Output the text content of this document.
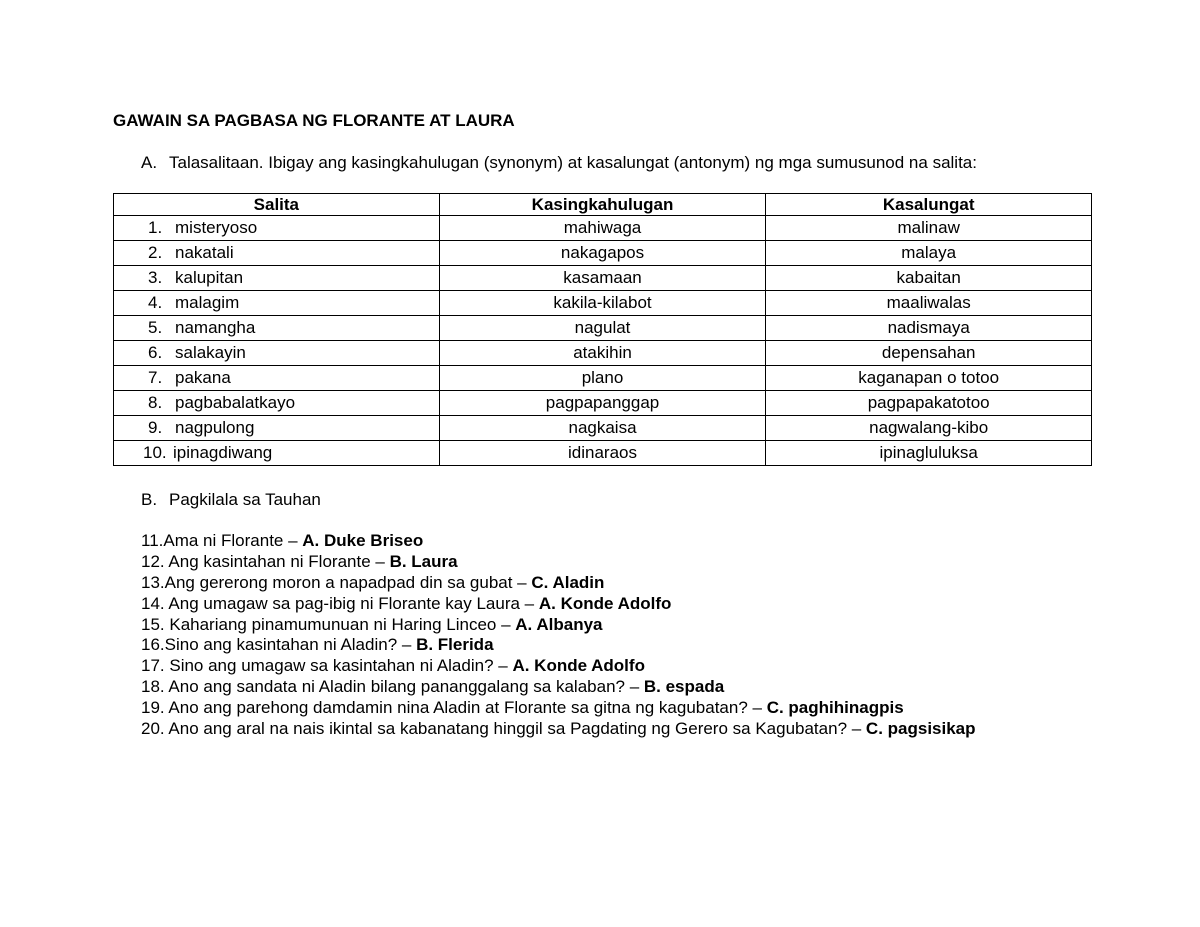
GAWAIN SA PAGBASA NG FLORANTE AT LAURA

A. Talasalitaan. Ibigay ang kasingkahulugan (synonym) at kasalungat (antonym) ng mga sumusunod na salita:

Salita	Kasingkahulugan	Kasalungat
1. misteryoso	mahiwaga	malinaw
2. nakatali	nakagapos	malaya
3. kalupitan	kasamaan	kabaitan
4. malagim	kakila-kilabot	maaliwalas
5. namangha	nagulat	nadismaya
6. salakayin	atakihin	depensahan
7. pakana	plano	kaganapan o totoo
8. pagbabalatkayo	pagpapanggap	pagpapakatotoo
9. nagpulong	nagkaisa	nagwalang-kibo
10. ipinagdiwang	idinaraos	ipinagluluksa

B. Pagkilala sa Tauhan

11.Ama ni Florante – A. Duke Briseo
12. Ang kasintahan ni Florante – B. Laura
13.Ang gererong moron a napadpad din sa gubat – C. Aladin
14. Ang umagaw sa pag-ibig ni Florante kay Laura – A. Konde Adolfo
15. Kahariang pinamumunuan ni Haring Linceo – A. Albanya
16.Sino ang kasintahan ni Aladin? – B. Flerida
17. Sino ang umagaw sa kasintahan ni Aladin? – A. Konde Adolfo
18. Ano ang sandata ni Aladin bilang pananggalang sa kalaban? – B. espada
19. Ano ang parehong damdamin nina Aladin at Florante sa gitna ng kagubatan? – C. paghihinagpis
20. Ano ang aral na nais ikintal sa kabanatang hinggil sa Pagdating ng Gerero sa Kagubatan? – C. pagsisikap
